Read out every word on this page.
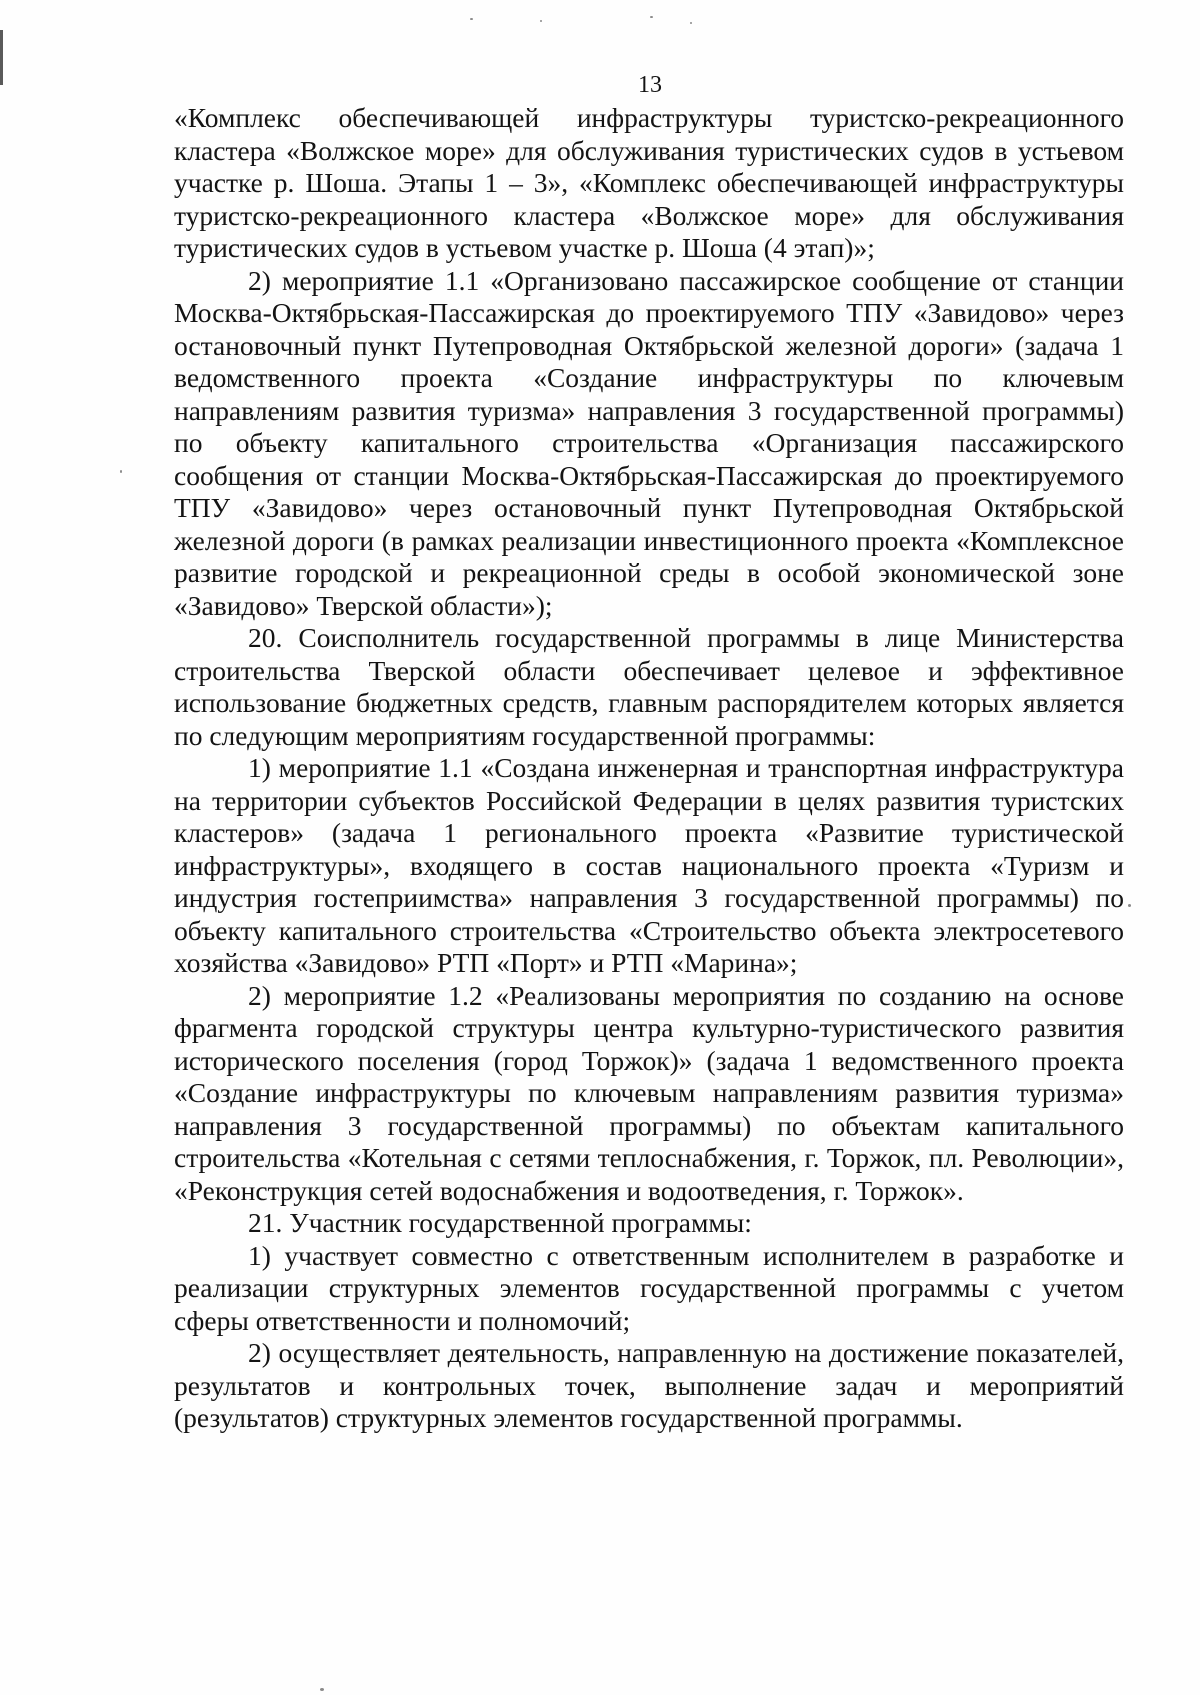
13

«Комплекс обеспечивающей инфраструктуры туристско-рекреационного кластера «Волжское море» для обслуживания туристических судов в устьевом участке р. Шоша. Этапы 1 – 3», «Комплекс обеспечивающей инфраструктуры туристско-рекреационного кластера «Волжское море» для обслуживания туристических судов в устьевом участке р. Шоша (4 этап)»;

2) мероприятие 1.1 «Организовано пассажирское сообщение от станции Москва-Октябрьская-Пассажирская до проектируемого ТПУ «Завидово» через остановочный пункт Путепроводная Октябрьской железной дороги» (задача 1 ведомственного проекта «Создание инфраструктуры по ключевым направлениям развития туризма» направления 3 государственной программы) по объекту капитального строительства «Организация пассажирского сообщения от станции Москва-Октябрьская-Пассажирская до проектируемого ТПУ «Завидово» через остановочный пункт Путепроводная Октябрьской железной дороги (в рамках реализации инвестиционного проекта «Комплексное развитие городской и рекреационной среды в особой экономической зоне «Завидово» Тверской области»);

20. Соисполнитель государственной программы в лице Министерства строительства Тверской области обеспечивает целевое и эффективное использование бюджетных средств, главным распорядителем которых является по следующим мероприятиям государственной программы:

1) мероприятие 1.1 «Создана инженерная и транспортная инфраструктура на территории субъектов Российской Федерации в целях развития туристских кластеров» (задача 1 регионального проекта «Развитие туристической инфраструктуры», входящего в состав национального проекта «Туризм и индустрия гостеприимства» направления 3 государственной программы) по объекту капитального строительства «Строительство объекта электросетевого хозяйства «Завидово» РТП «Порт» и РТП «Марина»;

2) мероприятие 1.2 «Реализованы мероприятия по созданию на основе фрагмента городской структуры центра культурно-туристического развития исторического поселения (город Торжок)» (задача 1 ведомственного проекта «Создание инфраструктуры по ключевым направлениям развития туризма» направления 3 государственной программы) по объектам капитального строительства «Котельная с сетями теплоснабжения, г. Торжок, пл. Революции», «Реконструкция сетей водоснабжения и водоотведения, г. Торжок».

21. Участник государственной программы:

1) участвует совместно с ответственным исполнителем в разработке и реализации структурных элементов государственной программы с учетом сферы ответственности и полномочий;

2) осуществляет деятельность, направленную на достижение показателей, результатов и контрольных точек, выполнение задач и мероприятий (результатов) структурных элементов государственной программы.
